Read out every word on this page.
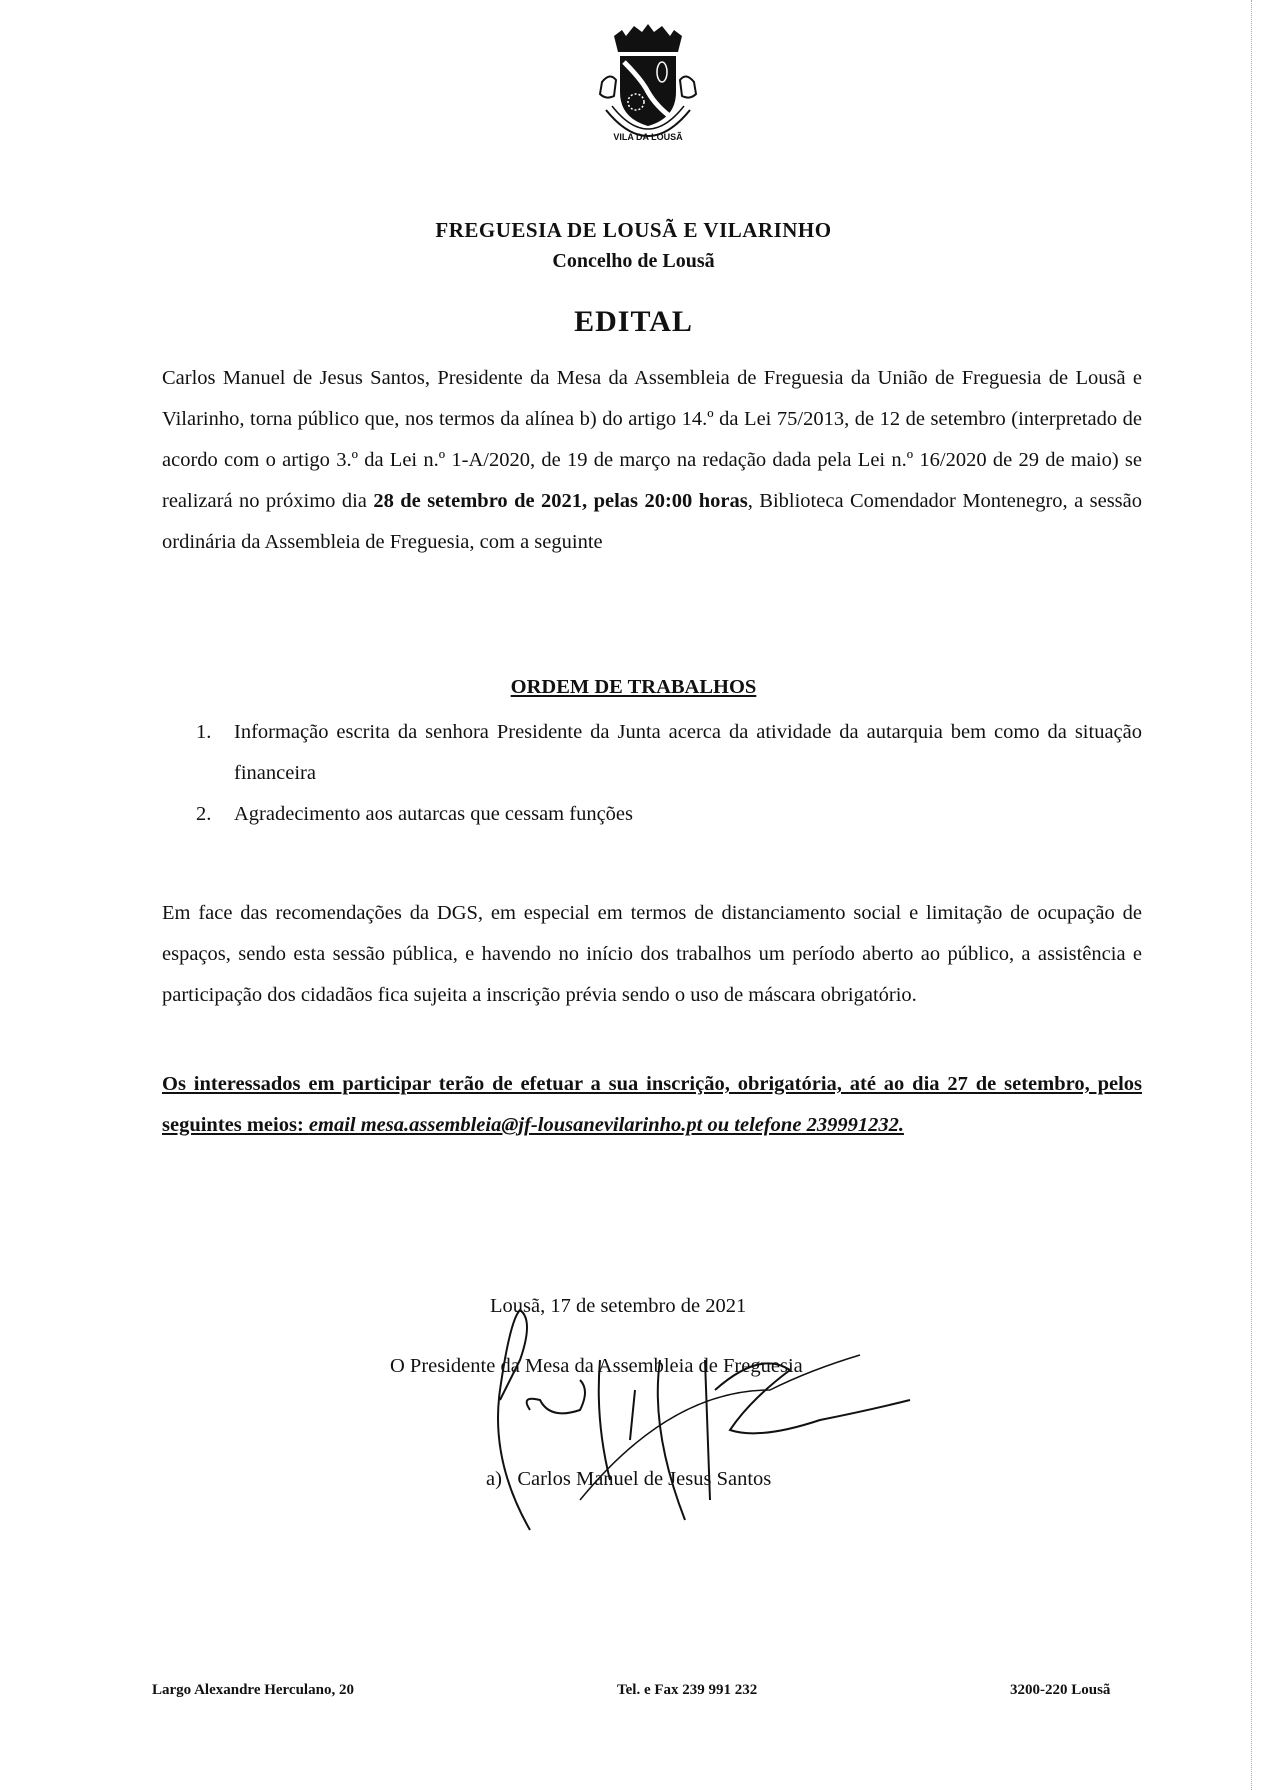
VILA DA LOUSÃ
FREGUESIA DE LOUSÃ E VILARINHO
Concelho de Lousã
EDITAL
Carlos Manuel de Jesus Santos, Presidente da Mesa da Assembleia de Freguesia da União de Freguesia de Lousã e Vilarinho, torna público que, nos termos da alínea b) do artigo 14.º da Lei 75/2013, de 12 de setembro (interpretado de acordo com o artigo 3.º da Lei n.º 1-A/2020, de 19 de março na redação dada pela Lei n.º 16/2020 de 29 de maio) se realizará no próximo dia 28 de setembro de 2021, pelas 20:00 horas, Biblioteca Comendador Montenegro, a sessão ordinária da Assembleia de Freguesia, com a seguinte
ORDEM DE TRABALHOS
1. Informação escrita da senhora Presidente da Junta acerca da atividade da autarquia bem como da situação financeira
2. Agradecimento aos autarcas que cessam funções
Em face das recomendações da DGS, em especial em termos de distanciamento social e limitação de ocupação de espaços, sendo esta sessão pública, e havendo no início dos trabalhos um período aberto ao público, a assistência e participação dos cidadãos fica sujeita a inscrição prévia sendo o uso de máscara obrigatório.
Os interessados em participar terão de efetuar a sua inscrição, obrigatória, até ao dia 27 de setembro, pelos seguintes meios: email mesa.assembleia@jf-lousanevilarinho.pt ou telefone 239991232.
Lousã, 17 de setembro de 2021
O Presidente da Mesa da Assembleia de Freguesia
a) Carlos Manuel de Jesus Santos
Largo Alexandre Herculano, 20	Tel. e Fax 239 991 232	3200-220 Lousã
